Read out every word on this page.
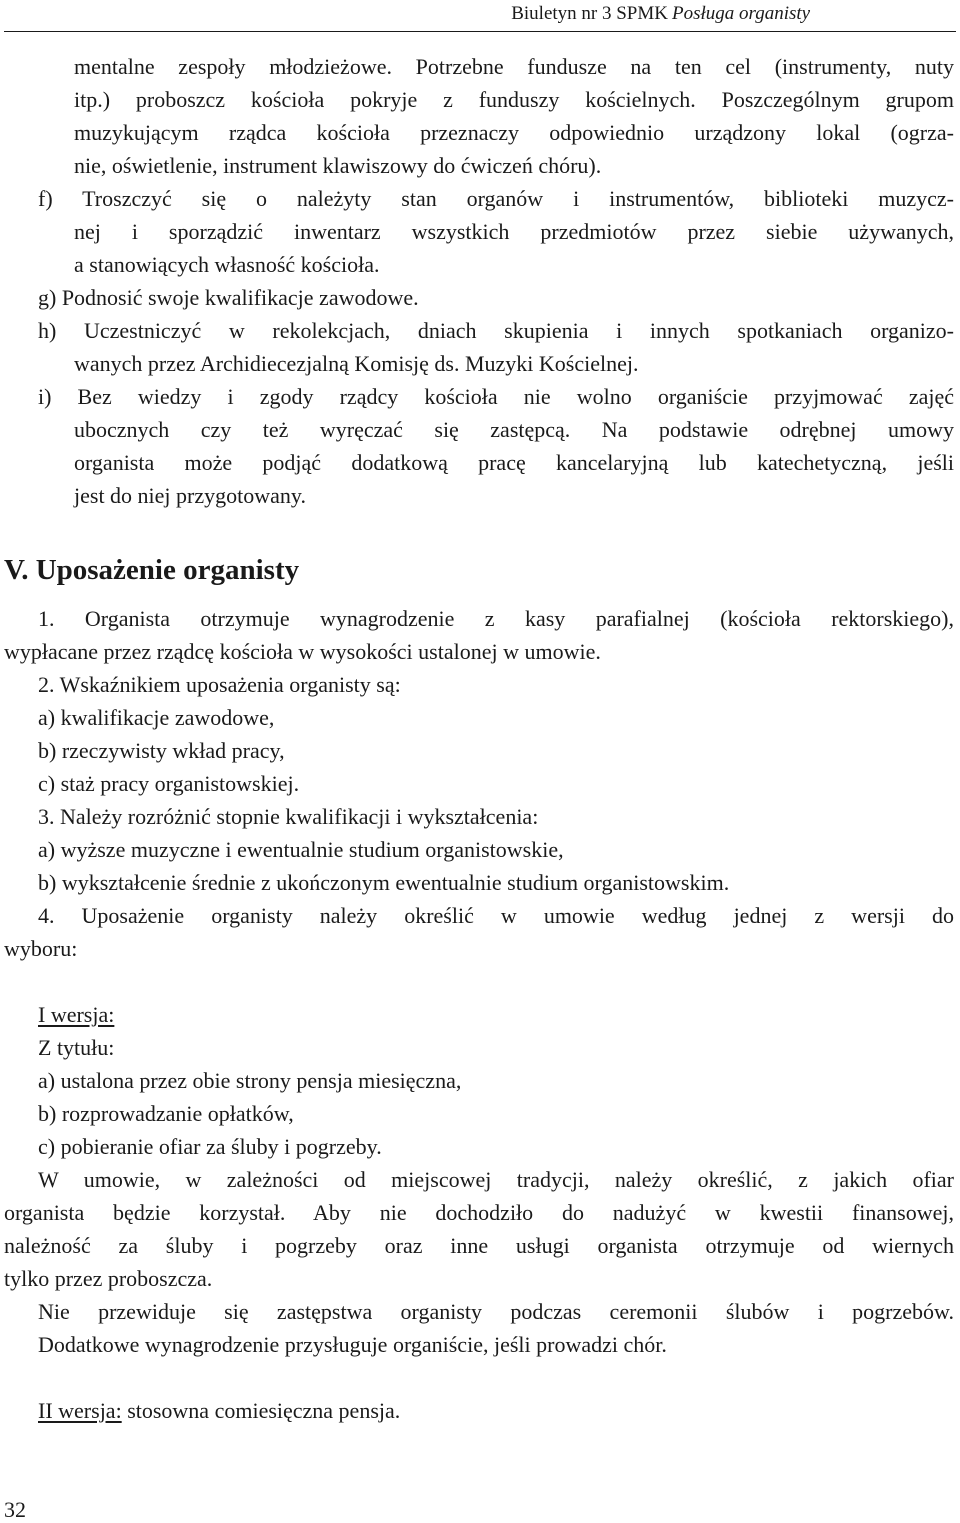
Biuletyn nr 3 SPMK Posługa organisty
mentalne zespoły młodzieżowe. Potrzebne fundusze na ten cel (instrumenty, nuty
itp.) proboszcz kościoła pokryje z funduszy kościelnych. Poszczególnym grupom
muzykującym rządca kościoła przeznaczy odpowiednio urządzony lokal (ogrza-
nie, oświetlenie, instrument klawiszowy do ćwiczeń chóru).
f) Troszczyć się o należyty stan organów i instrumentów, biblioteki muzycz-
nej i sporządzić inwentarz wszystkich przedmiotów przez siebie używanych,
a stanowiących własność kościoła.
g) Podnosić swoje kwalifikacje zawodowe.
h) Uczestniczyć w rekolekcjach, dniach skupienia i innych spotkaniach organizo-
wanych przez Archidiecezjalną Komisję ds. Muzyki Kościelnej.
i) Bez wiedzy i zgody rządcy kościoła nie wolno organiście przyjmować zajęć
ubocznych czy też wyręczać się zastępcą. Na podstawie odrębnej umowy
organista może podjąć dodatkową pracę kancelaryjną lub katechetyczną, jeśli
jest do niej przygotowany.
V. Uposażenie organisty
1. Organista otrzymuje wynagrodzenie z kasy parafialnej (kościoła rektorskiego),
wypłacane przez rządcę kościoła w wysokości ustalonej w umowie.
2. Wskaźnikiem uposażenia organisty są:
a) kwalifikacje zawodowe,
b) rzeczywisty wkład pracy,
c) staż pracy organistowskiej.
3. Należy rozróżnić stopnie kwalifikacji i wykształcenia:
a) wyższe muzyczne i ewentualnie studium organistowskie,
b) wykształcenie średnie z ukończonym ewentualnie studium organistowskim.
4. Uposażenie organisty należy określić w umowie według jednej z wersji do
wyboru:
I wersja:
Z tytułu:
a) ustalona przez obie strony pensja miesięczna,
b) rozprowadzanie opłatków,
c) pobieranie ofiar za śluby i pogrzeby.
W umowie, w zależności od miejscowej tradycji, należy określić, z jakich ofiar
organista będzie korzystał. Aby nie dochodziło do nadużyć w kwestii finansowej,
należność za śluby i pogrzeby oraz inne usługi organista otrzymuje od wiernych
tylko przez proboszcza.
Nie przewiduje się zastępstwa organisty podczas ceremonii ślubów i pogrzebów.
Dodatkowe wynagrodzenie przysługuje organiście, jeśli prowadzi chór.
II wersja: stosowna comiesięczna pensja.
32
